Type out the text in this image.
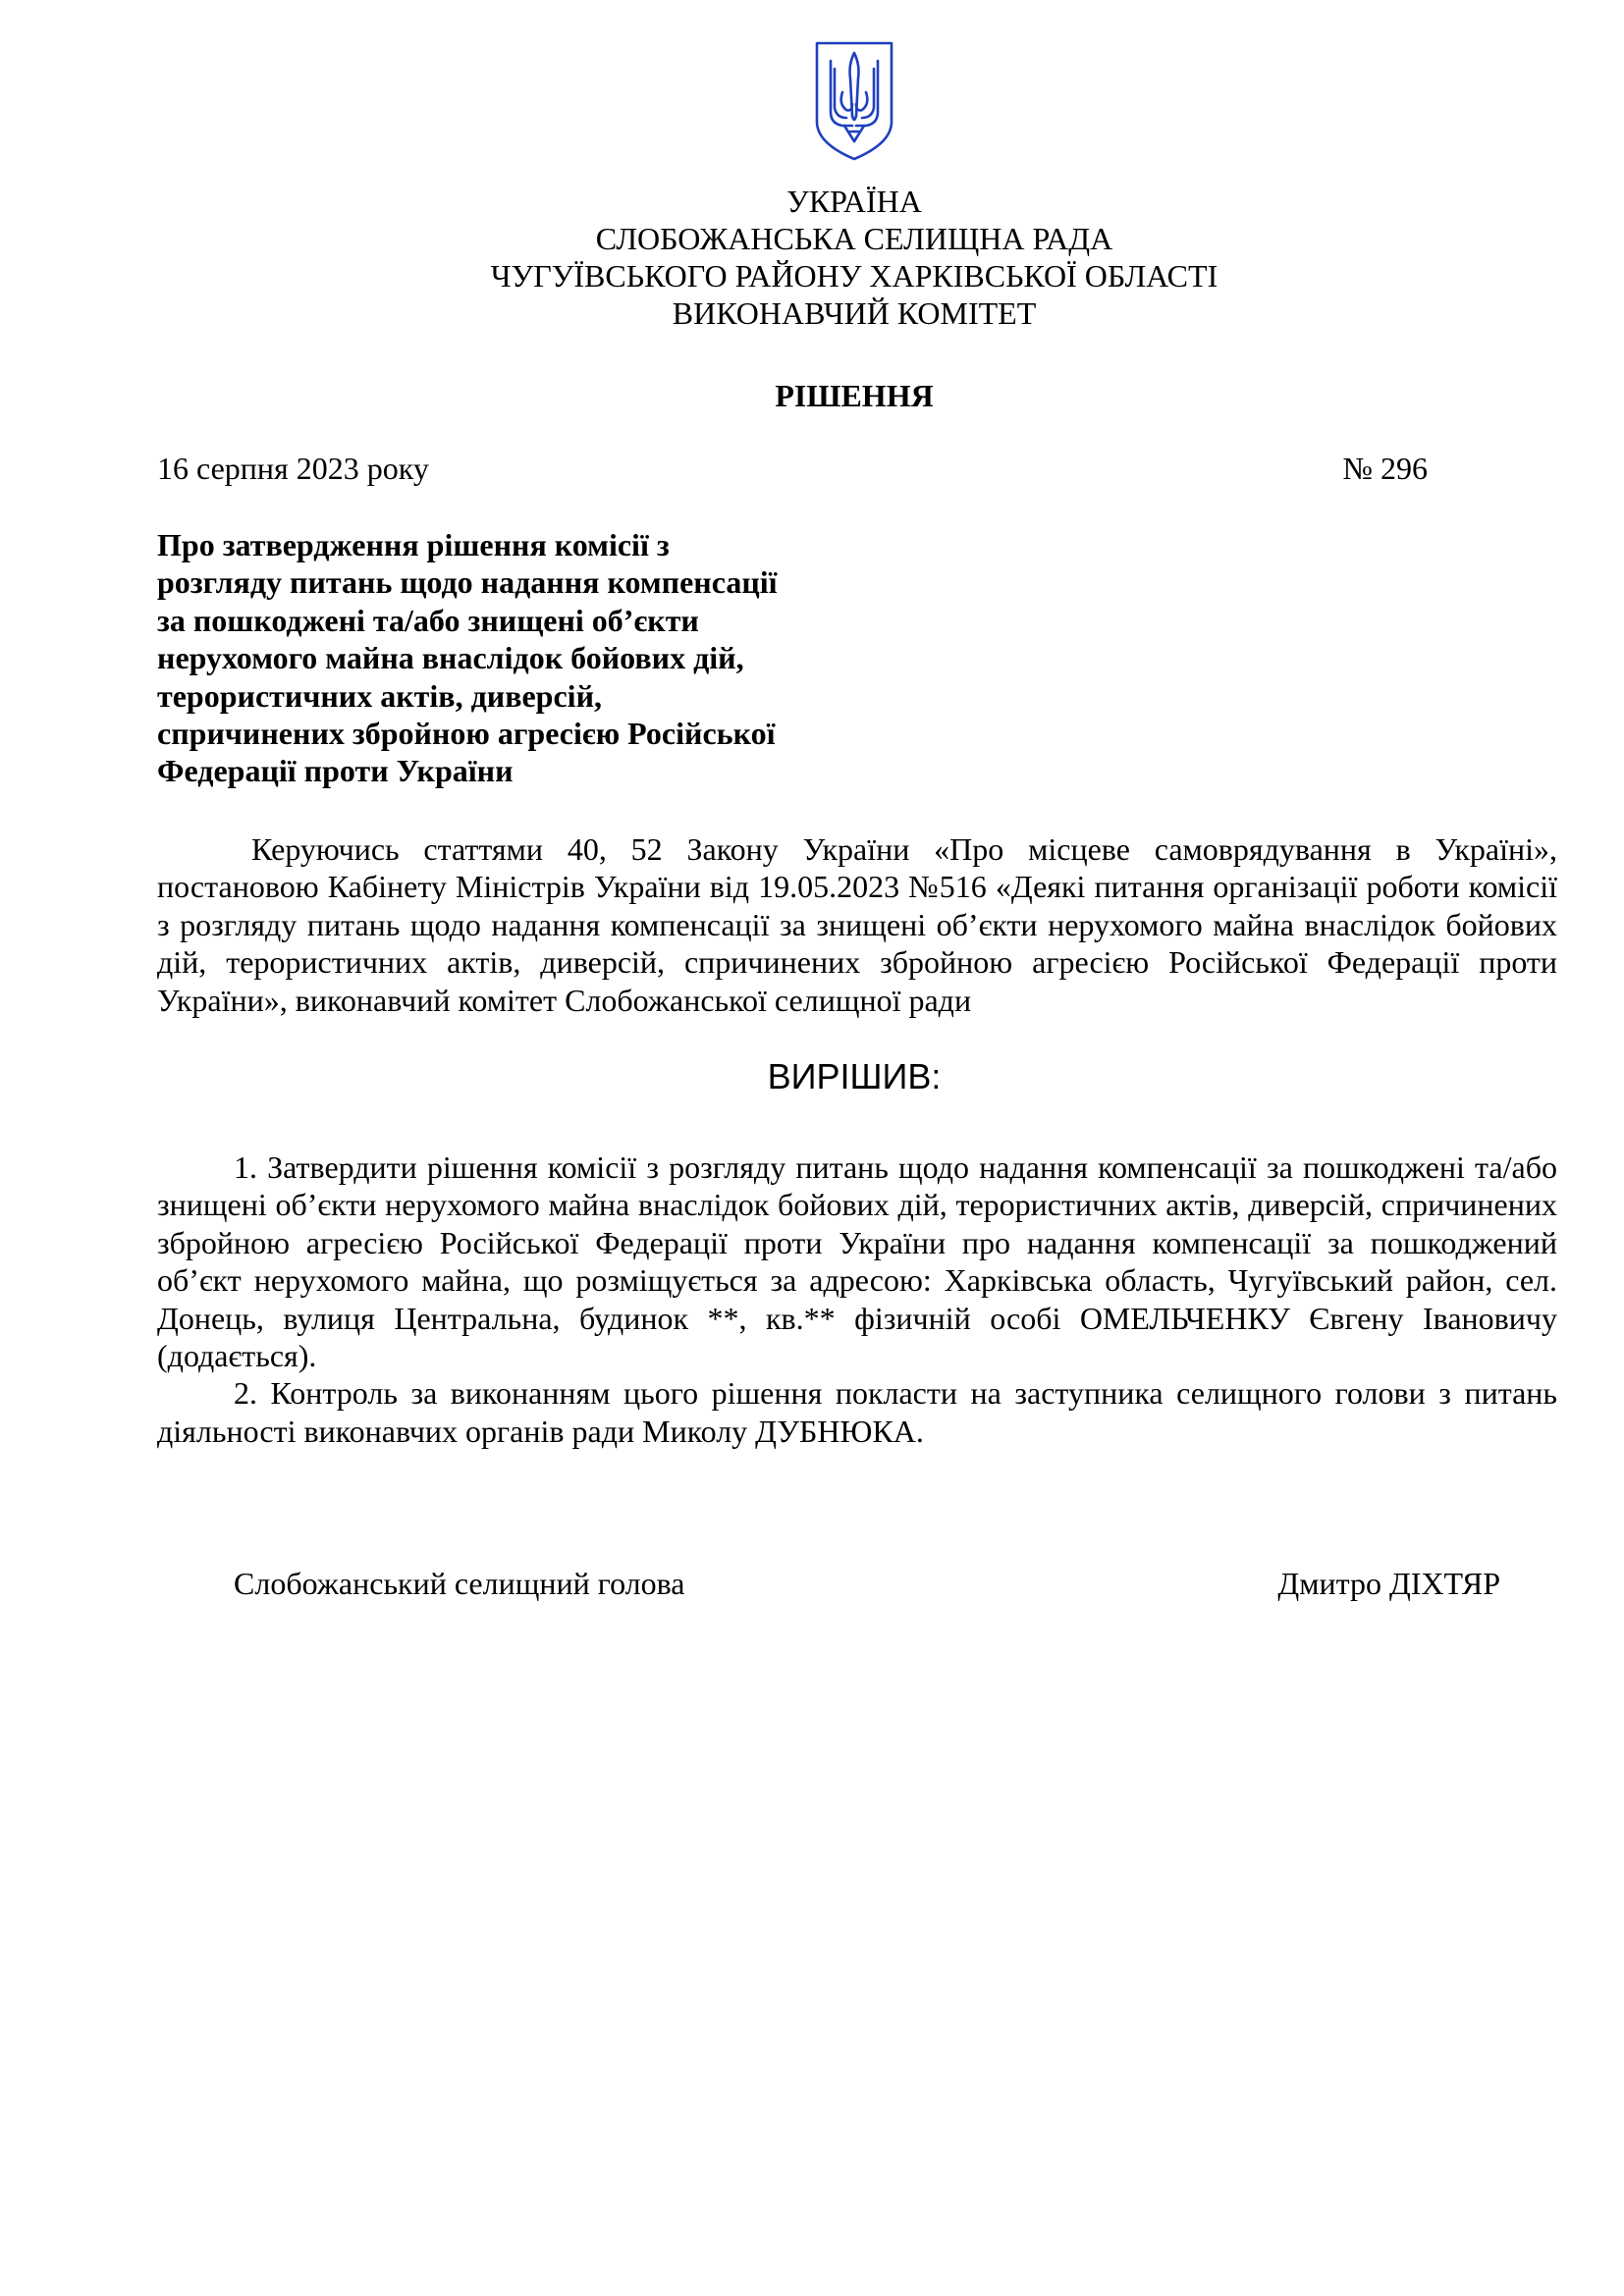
УКРАЇНА
СЛОБОЖАНСЬКА СЕЛИЩНА РАДА
ЧУГУЇВСЬКОГО РАЙОНУ ХАРКІВСЬКОЇ ОБЛАСТІ
ВИКОНАВЧИЙ КОМІТЕТ
РІШЕННЯ
16 серпня 2023 року	№ 296
Про затвердження рішення комісії з
розгляду питань щодо надання компенсації
за пошкоджені та/або знищені об’єкти
нерухомого майна внаслідок бойових дій,
терористичних актів, диверсій,
спричинених збройною агресією Російської
Федерації проти України
Керуючись статтями 40, 52 Закону України «Про місцеве самоврядування в Україні», постановою Кабінету Міністрів України від 19.05.2023 №516 «Деякі питання організації роботи комісії з розгляду питань щодо надання компенсації за знищені об’єкти нерухомого майна внаслідок бойових дій, терористичних актів, диверсій, спричинених збройною агресією Російської Федерації проти України», виконавчий комітет Слобожанської селищної ради
ВИРІШИВ:

1. Затвердити рішення комісії з розгляду питань щодо надання компенсації за пошкоджені та/або знищені об’єкти нерухомого майна внаслідок бойових дій, терористичних актів, диверсій, спричинених збройною агресією Російської Федерації проти України про надання компенсації за пошкоджений об’єкт нерухомого майна, що розміщується за адресою: Харківська область, Чугуївський район, сел. Донець, вулиця Центральна, будинок **, кв.** фізичній особі ОМЕЛЬЧЕНКУ Євгену Івановичу (додається).

2. Контроль за виконанням цього рішення покласти на заступника селищного голови з питань діяльності виконавчих органів ради Миколу ДУБНЮКА.

Слобожанський селищний голова	Дмитро ДІХТЯР
